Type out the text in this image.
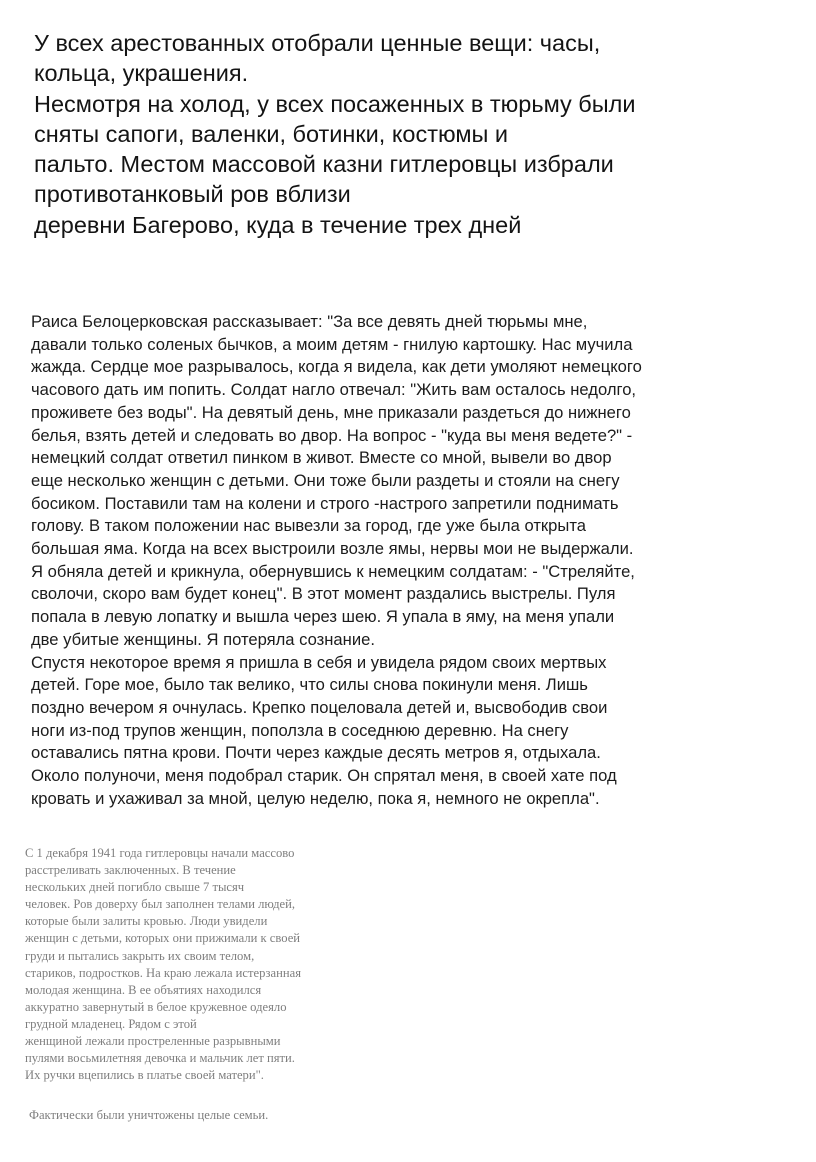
У всех арестованных отобрали ценные вещи: часы,
кольца, украшения.
Несмотря на холод, у всех посаженных в тюрьму были
сняты сапоги, валенки, ботинки, костюмы и
пальто. Местом массовой казни гитлеровцы избрали
противотанковый ров вблизи
деревни Багерово, куда в течение трех дней
Раиса Белоцерковская рассказывает: "За все девять дней тюрьмы мне,
давали только соленых бычков, а моим детям - гнилую картошку. Нас мучила
жажда. Сердце мое разрывалось, когда я видела, как дети умоляют немецкого
часового дать им попить. Солдат нагло отвечал: "Жить вам осталось недолго,
проживете без воды". На девятый день, мне приказали раздеться до нижнего
белья, взять детей и следовать во двор. На вопрос - "куда вы меня ведете?" -
немецкий солдат ответил пинком в живот. Вместе со мной, вывели во двор
еще несколько женщин с детьми. Они тоже были раздеты и стояли на снегу
босиком. Поставили там на колени и строго -настрого запретили поднимать
голову. В таком положении нас вывезли за город, где уже была открыта
большая яма. Когда на всех выстроили возле ямы, нервы мои не выдержали.
Я обняла детей и крикнула, обернувшись к немецким солдатам: - "Стреляйте,
сволочи, скоро вам будет конец". В этот момент раздались выстрелы. Пуля
попала в левую лопатку и вышла через шею. Я упала в яму, на меня упали
две убитые женщины. Я потеряла сознание.
Спустя некоторое время я пришла в себя и увидела рядом своих мертвых
детей. Горе мое, было так велико, что силы снова покинули меня. Лишь
поздно вечером я очнулась. Крепко поцеловала детей и, высвободив свои
ноги из-под трупов женщин, поползла в соседнюю деревню. На снегу
оставались пятна крови. Почти через каждые десять метров я, отдыхала.
Около полуночи, меня подобрал старик. Он спрятал меня, в своей хате под
кровать и ухаживал за мной, целую неделю, пока я, немного не окрепла".
С 1 декабря 1941 года гитлеровцы начали массово
расстреливать заключенных. В течение
нескольких дней погибло свыше 7 тысяч
человек. Ров доверху был заполнен телами людей,
которые были залиты кровью. Люди увидели
женщин с детьми, которых они прижимали к своей
груди и пытались закрыть их своим телом,
стариков, подростков. На краю лежала истерзанная
молодая женщина. В ее объятиях находился
аккуратно завернутый в белое кружевное одеяло
грудной младенец. Рядом с этой
женщиной лежали простреленные разрывными
пулями восьмилетняя девочка и мальчик лет пяти.
Их ручки вцепились в платье своей матери".
Фактически были уничтожены целые семьи.
